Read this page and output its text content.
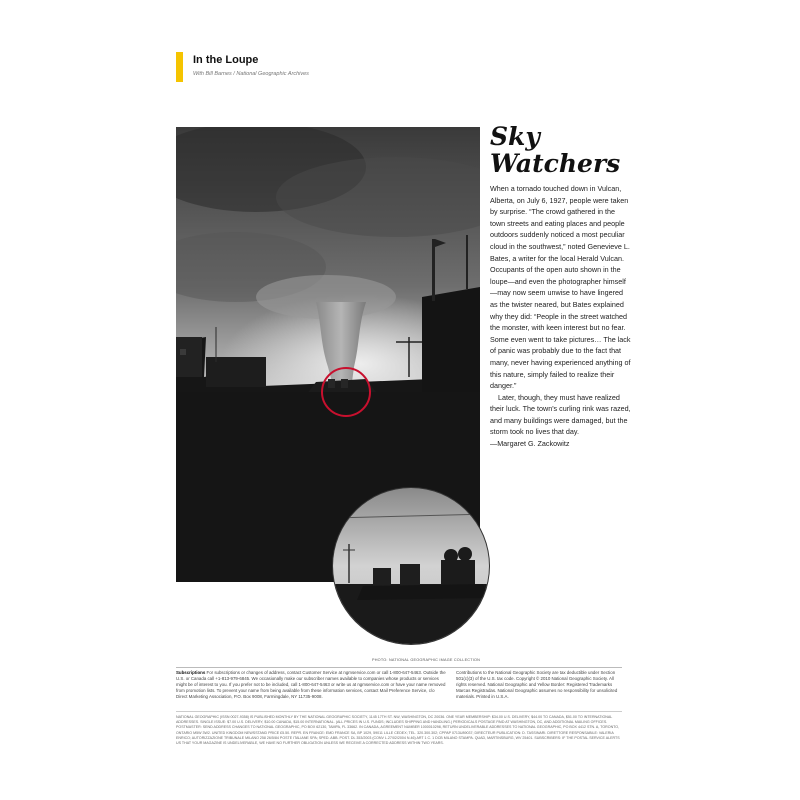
In the Loupe
With Bill Barnes / National Geographic Archives
Sky
Watchers

When a tornado touched down in Vulcan, Alberta, on July 6, 1927, people were taken by surprise. “The crowd gathered in the town streets and eating places and people outdoors suddenly noticed a most peculiar cloud in the southwest,” noted Genevieve L. Bates, a writer for the local Herald Vulcan. Occupants of the open auto shown in the loupe—and even the photographer himself—may now seem unwise to have lingered as the twister neared, but Bates explained why they did: “People in the street watched the monster, with keen interest but no fear. Some even went to take pictures… The lack of panic was probably due to the fact that many, never having experienced anything of this nature, simply failed to realize their danger.”

Later, though, they must have realized their luck. The town's curling rink was razed, and many buildings were damaged, but the storm took no lives that day.

—Margaret G. Zackowitz

PHOTO: NATIONAL GEOGRAPHIC IMAGE COLLECTION
Subscriptions For subscriptions or changes of address, contact Customer Service at ngmservice.com or call 1-800-647-5463. Outside the U.S. or Canada call +1-813-979-6845. We occasionally make our subscriber names available to companies whose products or services might be of interest to you. If you prefer not to be included, call 1-800-647-5463 or write us at ngmservice.com or have your name removed from promotion lists. To prevent your name from being available from these information services, contact Mail Preference Service, c/o Direct Marketing Association, P.O. Box 9008, Farmingdale, NY 11735-9008.
Contributions to the National Geographic Society are tax deductible under Section 501(c)(3) of the U.S. tax code. Copyright © 2010 National Geographic Society. All rights reserved. National Geographic and Yellow Border: Registered Trademarks Marcas Registradas. National Geographic assumes no responsibility for unsolicited materials. Printed in U.S.A.
NATIONAL GEOGRAPHIC (ISSN 0027-9358) IS PUBLISHED MONTHLY BY THE NATIONAL GEOGRAPHIC SOCIETY, 1145 17TH ST. NW, WASHINGTON, DC 20036. ONE YEAR MEMBERSHIP: $34.00 U.S. DELIVERY, $44.00 TO CANADA, $51.00 TO INTERNATIONAL ADDRESSES. SINGLE ISSUE: $7.00 U.S. DELIVERY, $10.00 CANADA, $15.00 INTERNATIONAL. (ALL PRICES IN U.S. FUNDS; INCLUDES SHIPPING AND HANDLING.) PERIODICALS POSTAGE PAID AT WASHINGTON, DC, AND ADDITIONAL MAILING OFFICES. POSTMASTER: SEND ADDRESS CHANGES TO NATIONAL GEOGRAPHIC, PO BOX 62130, TAMPA, FL 33662. IN CANADA, AGREEMENT NUMBER 1000010298, RETURN UNDELIVERABLE ADDRESSES TO NATIONAL GEOGRAPHIC, PO BOX 4412 STN. A, TORONTO, ONTARIO M5W 3W2. UNITED KINGDOM NEWSSTAND PRICE £5.50. REPR. EN FRANCE: EMD FRANCE SA, BP 1029, 59011 LILLE CEDEX; TEL. 320.300.302; CPPAP 0713U89037; DIRECTEUR PUBLICATION: D. TASSINARI. DIRETTORE RESPONSABILE: VALERIA ENRICO; AUTORIZZAZIONE TRIBUNALE MILANO 258 26/5/84 POSTE ITALIANE SPA; SPED. ABB. POST. DL 353/2003 (CONV L.27/02/2004 N.46) ART 1 C. 1 DCB MILANO STAMPA. QUAD, MARTINSBURG, WV 25401. SUBSCRIBERS: IF THE POSTAL SERVICE ALERTS US THAT YOUR MAGAZINE IS UNDELIVERABLE, WE HAVE NO FURTHER OBLIGATION UNLESS WE RECEIVE A CORRECTED ADDRESS WITHIN TWO YEARS.
